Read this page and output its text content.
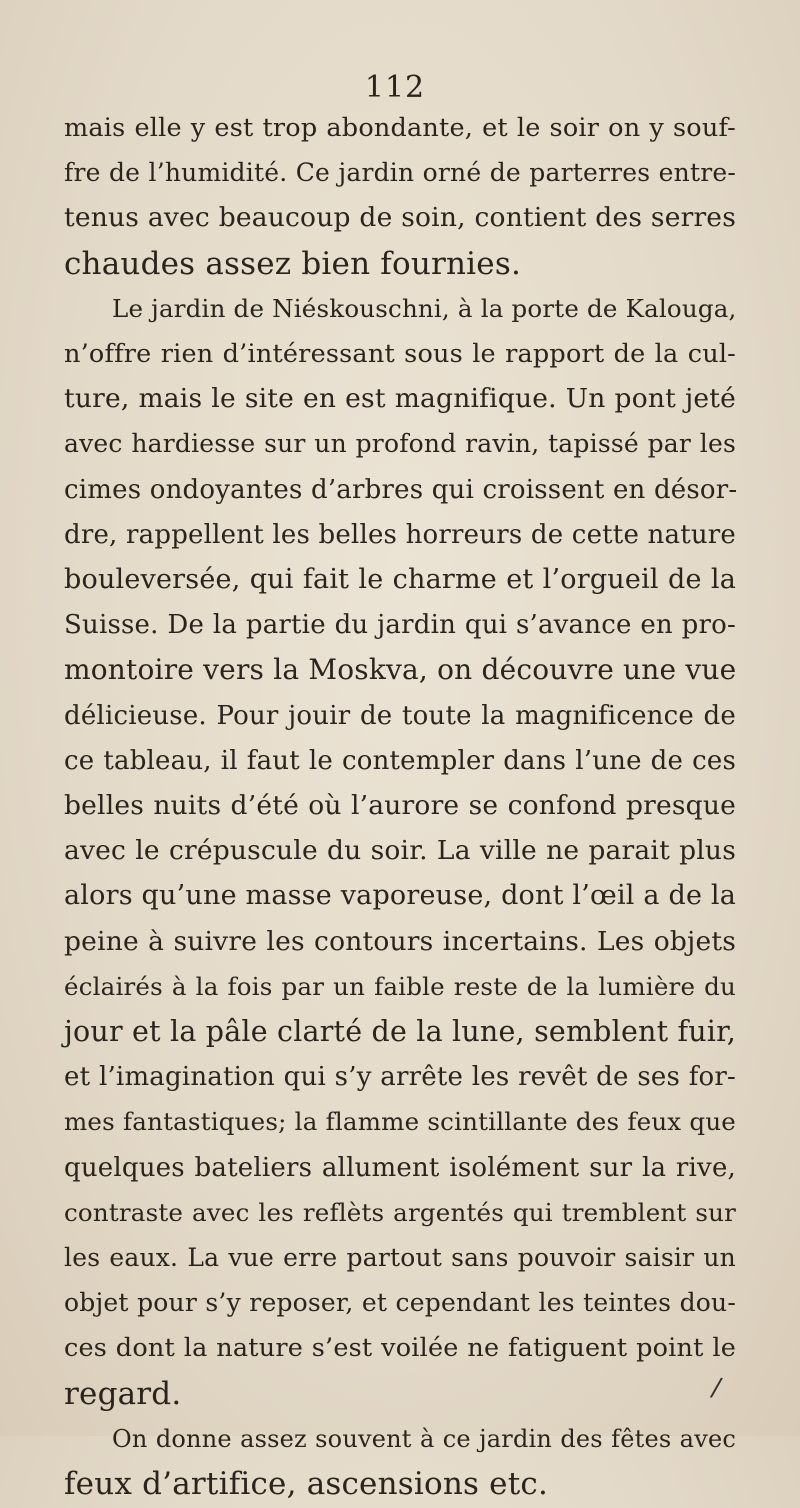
112
mais elle y est trop abondante, et le soir on y souf-
fre de l’humidité. Ce jardin orné de parterres entre-
tenus avec beaucoup de soin, contient des serres
chaudes assez bien fournies.
Le jardin de Niéskouschni, à la porte de Kalouga,
n’offre rien d’intéressant sous le rapport de la cul-
ture, mais le site en est magnifique. Un pont jeté
avec hardiesse sur un profond ravin, tapissé par les
cimes ondoyantes d’arbres qui croissent en désor-
dre, rappellent les belles horreurs de cette nature
bouleversée, qui fait le charme et l’orgueil de la
Suisse. De la partie du jardin qui s’avance en pro-
montoire vers la Moskva, on découvre une vue
délicieuse. Pour jouir de toute la magnificence de
ce tableau, il faut le contempler dans l’une de ces
belles nuits d’été où l’aurore se confond presque
avec le crépuscule du soir. La ville ne parait plus
alors qu’une masse vaporeuse, dont l’œil a de la
peine à suivre les contours incertains. Les objets
éclairés à la fois par un faible reste de la lumière du
jour et la pâle clarté de la lune, semblent fuir,
et l’imagination qui s’y arrête les revêt de ses for-
mes fantastiques; la flamme scintillante des feux que
quelques bateliers allument isolément sur la rive,
contraste avec les reflèts argentés qui tremblent sur
les eaux. La vue erre partout sans pouvoir saisir un
objet pour s’y reposer, et cependant les teintes dou-
ces dont la nature s’est voilée ne fatiguent point le
regard.
On donne assez souvent à ce jardin des fêtes avec
feux d’artifice, ascensions etc.
/
